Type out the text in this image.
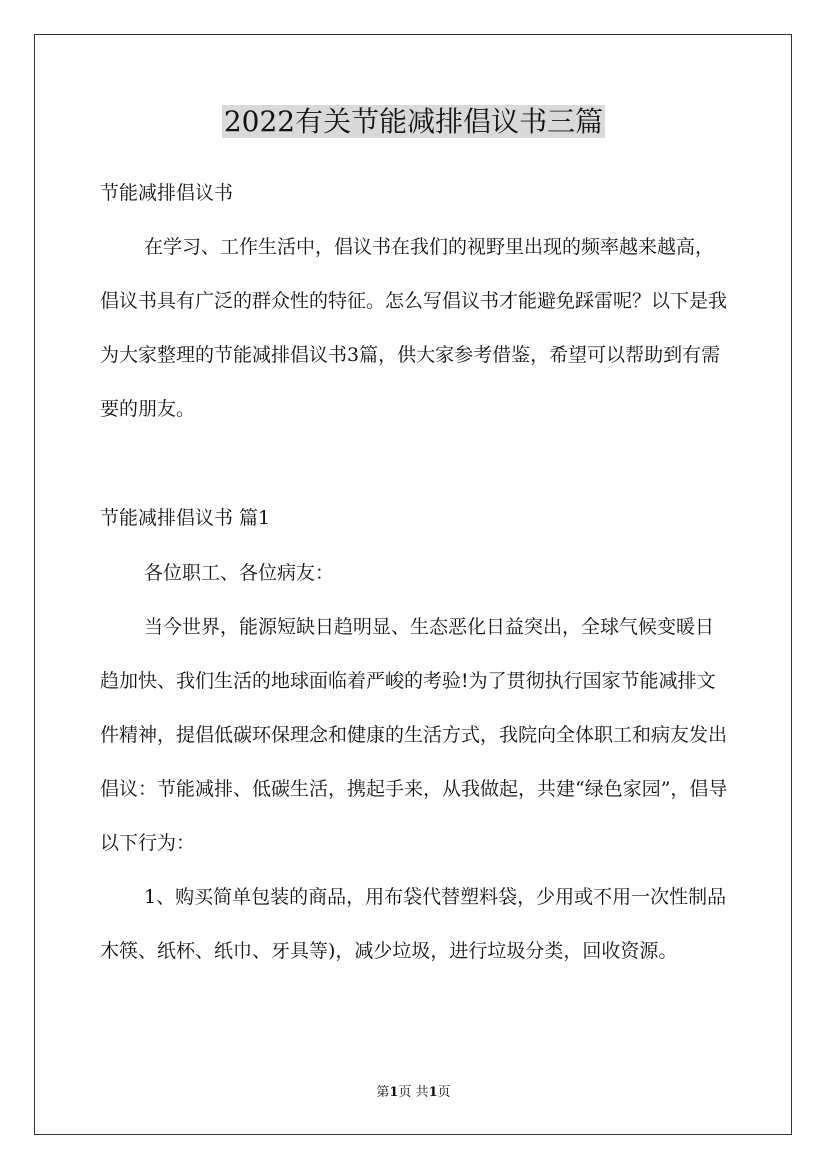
2022有关节能减排倡议书三篇
节能减排倡议书

在学习、工作生活中，倡议书在我们的视野里出现的频率越来越高，倡议书具有广泛的群众性的特征。怎么写倡议书才能避免踩雷呢？以下是我为大家整理的节能减排倡议书3篇，供大家参考借鉴，希望可以帮助到有需要的朋友。

节能减排倡议书 篇1

各位职工、各位病友：

当今世界，能源短缺日趋明显、生态恶化日益突出，全球气候变暖日趋加快、我们生活的地球面临着严峻的考验!为了贯彻执行国家节能减排文件精神，提倡低碳环保理念和健康的生活方式，我院向全体职工和病友发出倡议：节能减排、低碳生活，携起手来，从我做起，共建“绿色家园”，倡导以下行为：

1、购买简单包装的商品，用布袋代替塑料袋，少用或不用一次性制品木筷、纸杯、纸巾、牙具等)，减少垃圾，进行垃圾分类，回收资源。

第1页 共1页
